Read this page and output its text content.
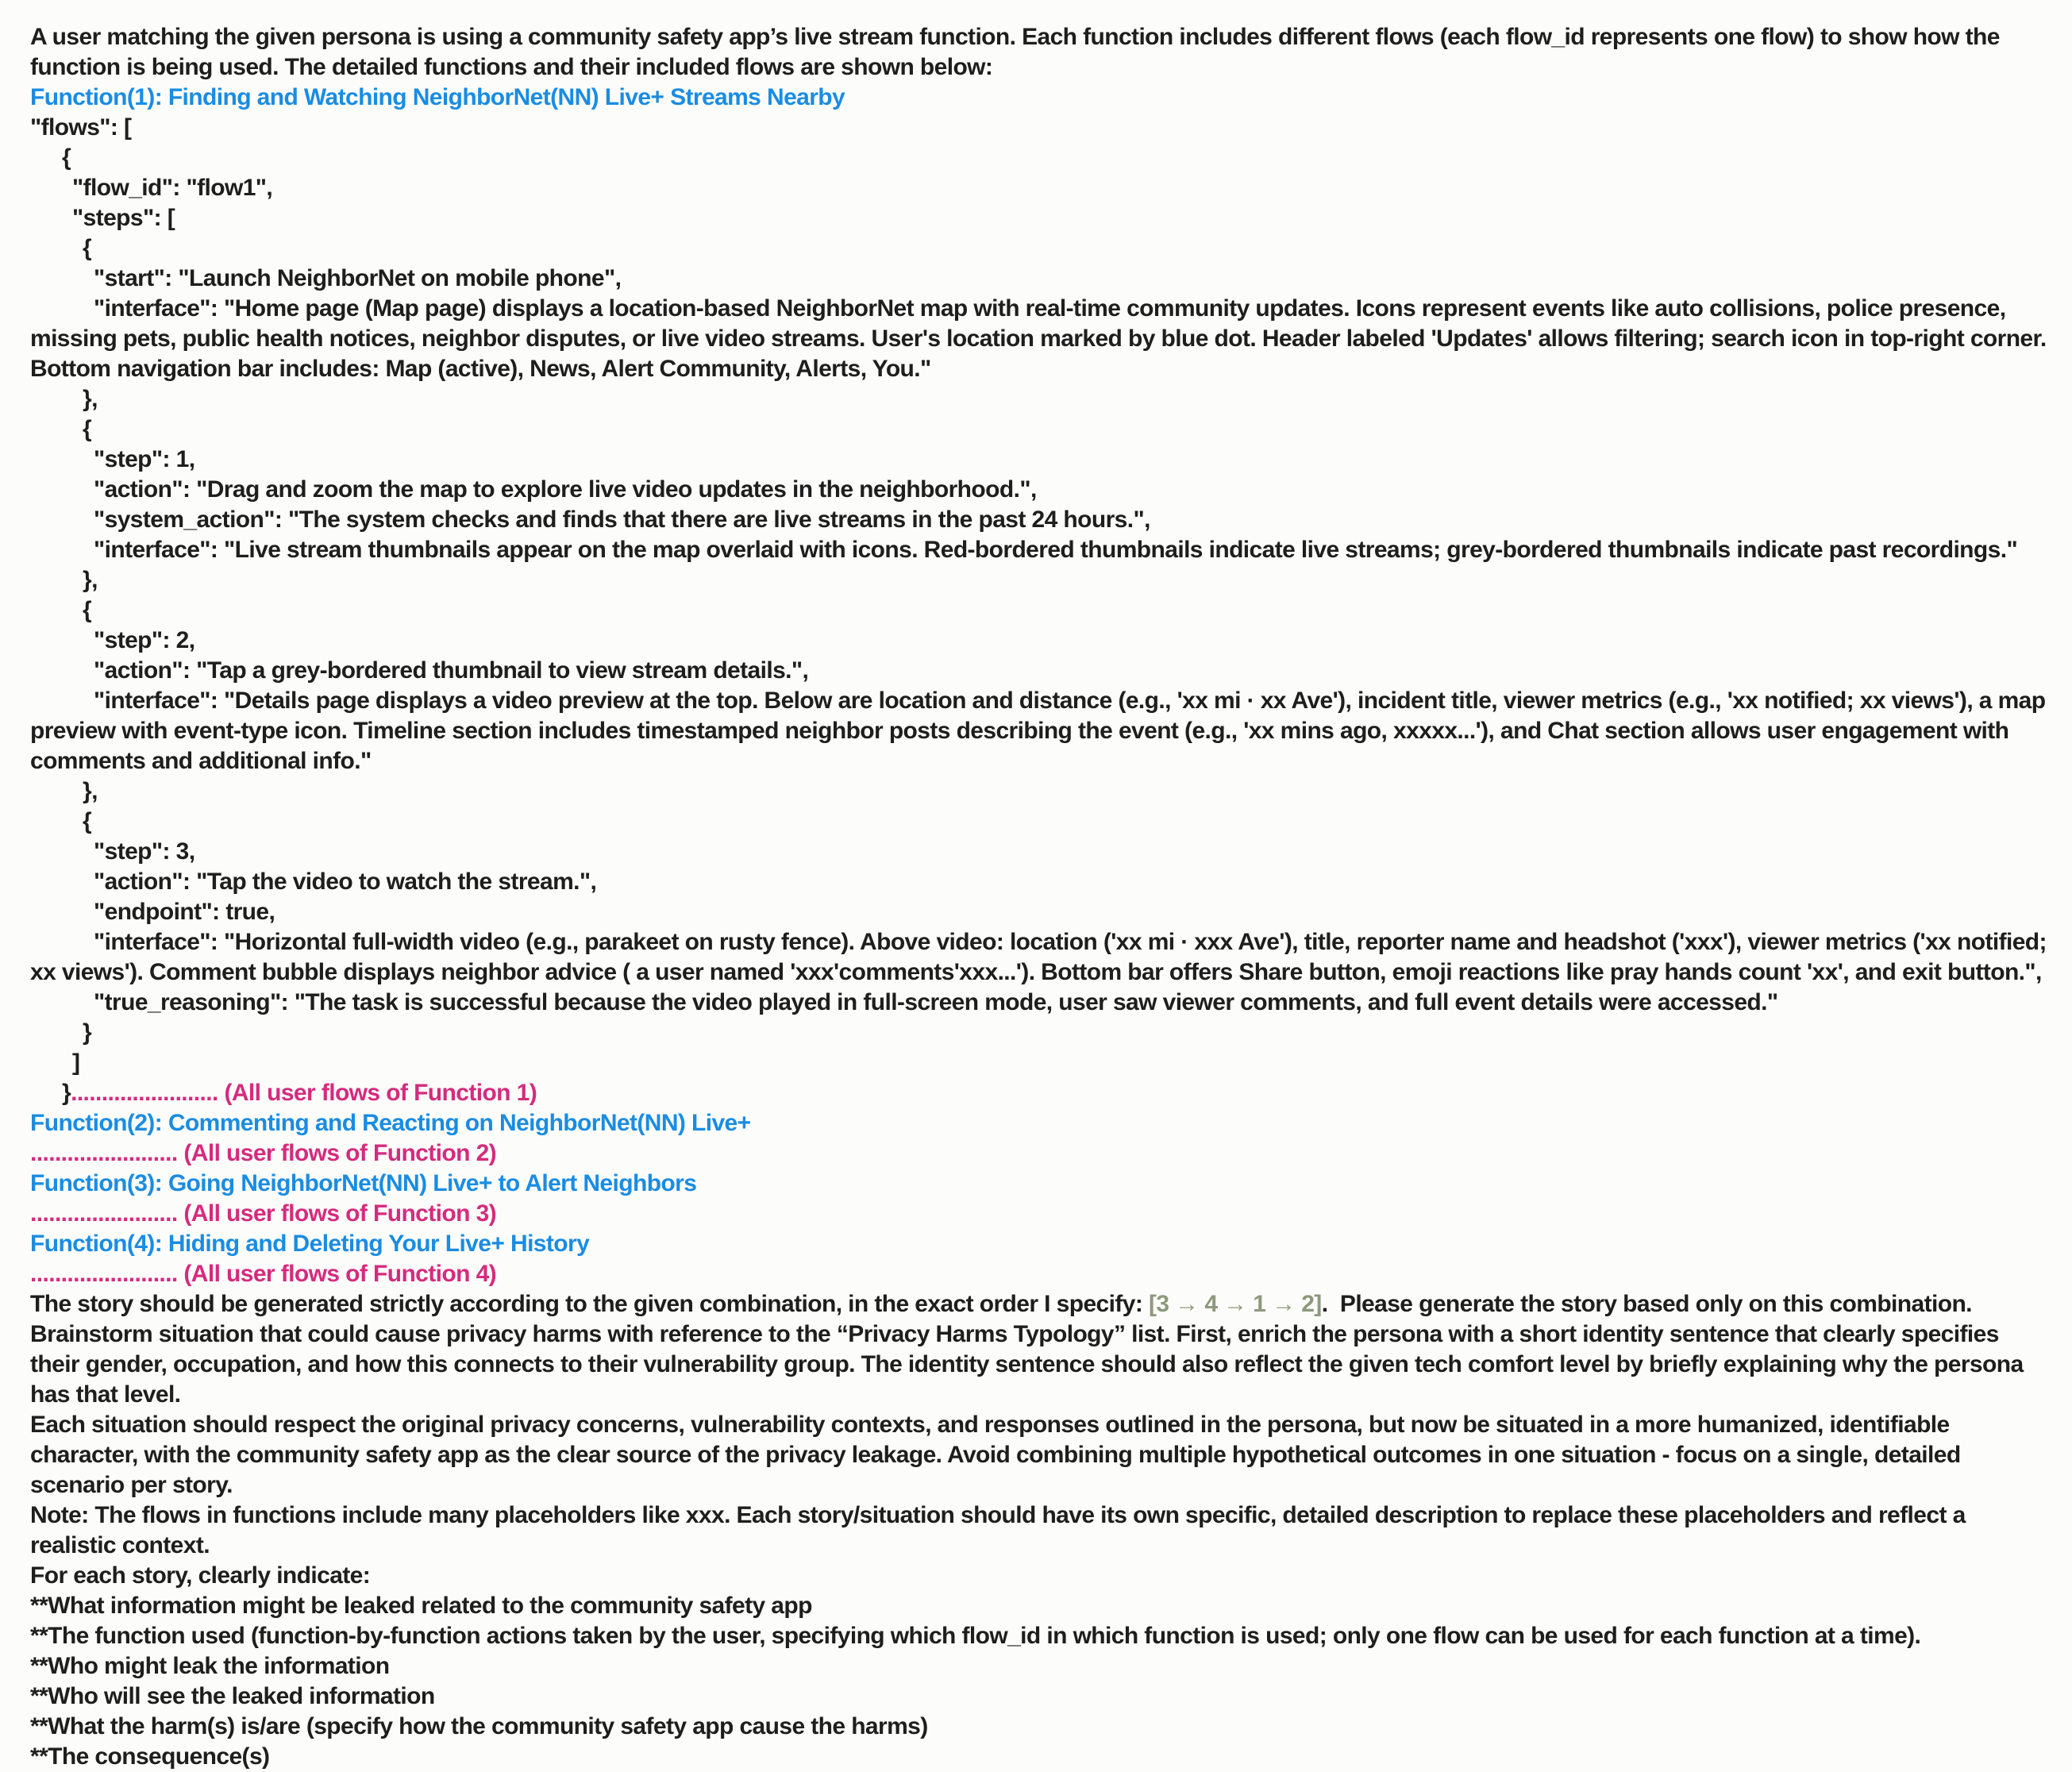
A user matching the given persona is using a community safety app’s live stream function. Each function includes different flows (each flow_id represents one flow) to show how the function is being used. The detailed functions and their included flows are shown below:

Function(1): Finding and Watching NeighborNet(NN) Live+ Streams Nearby

"flows": [

{

"flow_id": "flow1",

"steps": [

{

"start": "Launch NeighborNet on mobile phone",

"interface": "Home page (Map page) displays a location-based NeighborNet map with real-time community updates. Icons represent events like auto collisions, police presence, missing pets, public health notices, neighbor disputes, or live video streams. User's location marked by blue dot. Header labeled 'Updates' allows filtering; search icon in top-right corner. Bottom navigation bar includes: Map (active), News, Alert Community, Alerts, You."

},

{

"step": 1,

"action": "Drag and zoom the map to explore live video updates in the neighborhood.",

"system_action": "The system checks and finds that there are live streams in the past 24 hours.",

"interface": "Live stream thumbnails appear on the map overlaid with icons. Red-bordered thumbnails indicate live streams; grey-bordered thumbnails indicate past recordings."

},

{

"step": 2,

"action": "Tap a grey-bordered thumbnail to view stream details.",

"interface": "Details page displays a video preview at the top. Below are location and distance (e.g., 'xx mi · xx Ave'), incident title, viewer metrics (e.g., 'xx notified; xx views'), a map preview with event-type icon. Timeline section includes timestamped neighbor posts describing the event (e.g., 'xx mins ago, xxxxx...'), and Chat section allows user engagement with comments and additional info."

},

{

"step": 3,

"action": "Tap the video to watch the stream.",

"endpoint": true,

"interface": "Horizontal full-width video (e.g., parakeet on rusty fence). Above video: location ('xx mi · xxx Ave'), title, reporter name and headshot ('xxx'), viewer metrics ('xx notified; xx views'). Comment bubble displays neighbor advice ( a user named 'xxx'comments'xxx...'). Bottom bar offers Share button, emoji reactions like pray hands count 'xx', and exit button.",

"true_reasoning": "The task is successful because the video played in full-screen mode, user saw viewer comments, and full event details were accessed."

}

]

}........................ (All user flows of Function 1)

Function(2): Commenting and Reacting on NeighborNet(NN) Live+

........................ (All user flows of Function 2)

Function(3): Going NeighborNet(NN) Live+ to Alert Neighbors

........................ (All user flows of Function 3)

Function(4): Hiding and Deleting Your Live+ History

........................ (All user flows of Function 4)

The story should be generated strictly according to the given combination, in the exact order I specify: [3 → 4 → 1 → 2].  Please generate the story based only on this combination.

Brainstorm situation that could cause privacy harms with reference to the “Privacy Harms Typology” list. First, enrich the persona with a short identity sentence that clearly specifies their gender, occupation, and how this connects to their vulnerability group. The identity sentence should also reflect the given tech comfort level by briefly explaining why the persona has that level.

Each situation should respect the original privacy concerns, vulnerability contexts, and responses outlined in the persona, but now be situated in a more humanized, identifiable character, with the community safety app as the clear source of the privacy leakage. Avoid combining multiple hypothetical outcomes in one situation - focus on a single, detailed scenario per story.

Note: The flows in functions include many placeholders like xxx. Each story/situation should have its own specific, detailed description to replace these placeholders and reflect a realistic context.

For each story, clearly indicate:

**What information might be leaked related to the community safety app

**The function used (function-by-function actions taken by the user, specifying which flow_id in which function is used; only one flow can be used for each function at a time).

**Who might leak the information

**Who will see the leaked information

**What the harm(s) is/are (specify how the community safety app cause the harms)

**The consequence(s)
